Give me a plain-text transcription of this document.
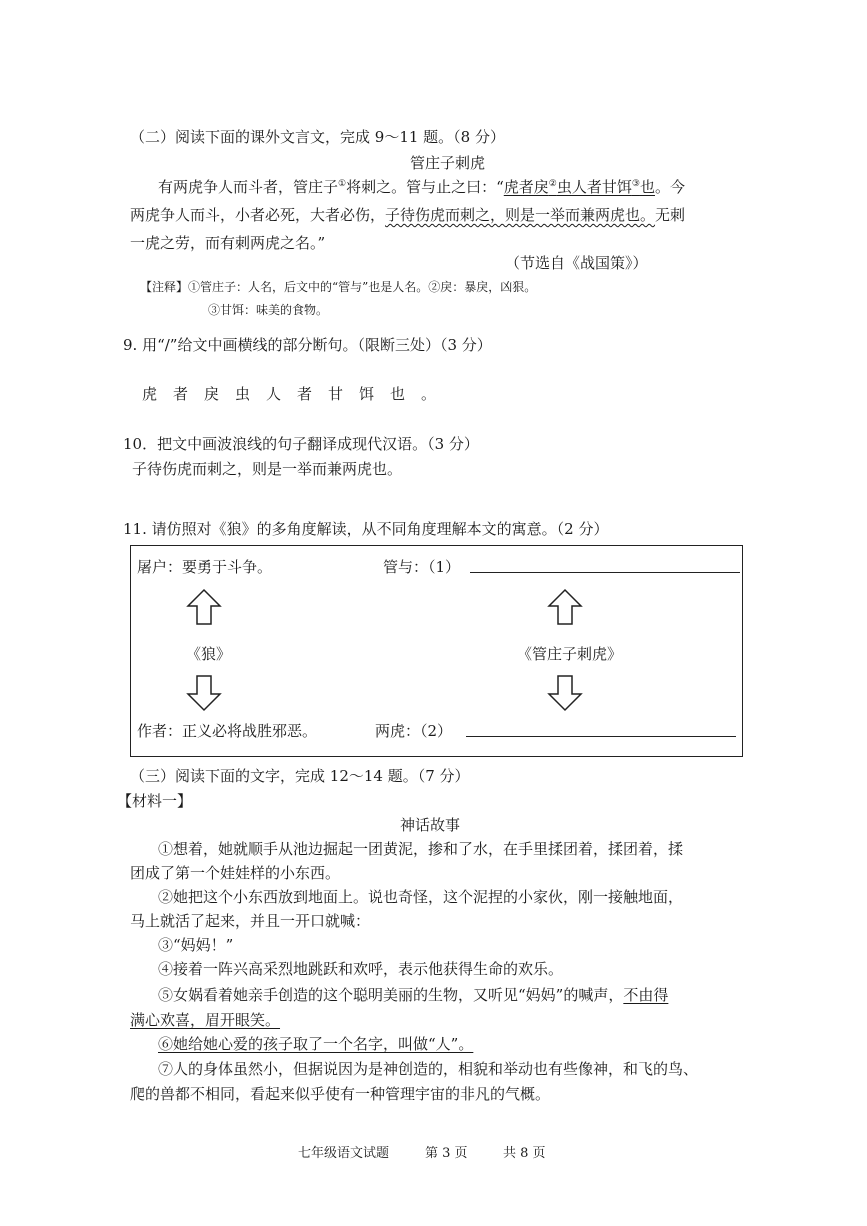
（二）阅读下面的课外文言文，完成 9～11 题。（8 分）
管庄子刺虎
有两虎争人而斗者，管庄子①将刺之。管与止之曰：“虎者戾②虫人者甘饵③也。今
两虎争人而斗，小者必死，大者必伤，子待伤虎而刺之，则是一举而兼两虎也。无刺
一虎之劳，而有刺两虎之名。”
（节选自《战国策》）
【注释】①管庄子：人名，后文中的“管与”也是人名。②戾：暴戾，凶狠。
③甘饵：味美的食物。
9. 用“/”给文中画横线的部分断句。（限断三处）（3 分）
虎者戾虫人者甘饵也。
10．把文中画波浪线的句子翻译成现代汉语。（3 分）
子待伤虎而刺之，则是一举而兼两虎也。
11. 请仿照对《狼》的多角度解读，从不同角度理解本文的寓意。（2 分）
屠户：要勇于斗争。	管与：（1）
《狼》	《管庄子刺虎》
作者：正义必将战胜邪恶。	两虎：（2）
（三）阅读下面的文字，完成 12～14 题。（7 分）
【材料一】
神话故事
①想着，她就顺手从池边掘起一团黄泥，掺和了水，在手里揉团着，揉团着，揉
团成了第一个娃娃样的小东西。
②她把这个小东西放到地面上。说也奇怪，这个泥捏的小家伙，刚一接触地面，
马上就活了起来，并且一开口就喊：
③“妈妈！”
④接着一阵兴高采烈地跳跃和欢呼，表示他获得生命的欢乐。
⑤女娲看着她亲手创造的这个聪明美丽的生物，又听见“妈妈”的喊声，不由得
满心欢喜，眉开眼笑。
⑥她给她心爱的孩子取了一个名字，叫做“人”。
⑦人的身体虽然小，但据说因为是神创造的，相貌和举动也有些像神，和飞的鸟、
爬的兽都不相同，看起来似乎使有一种管理宇宙的非凡的气概。
七年级语文试题	第 3 页	共 8 页
